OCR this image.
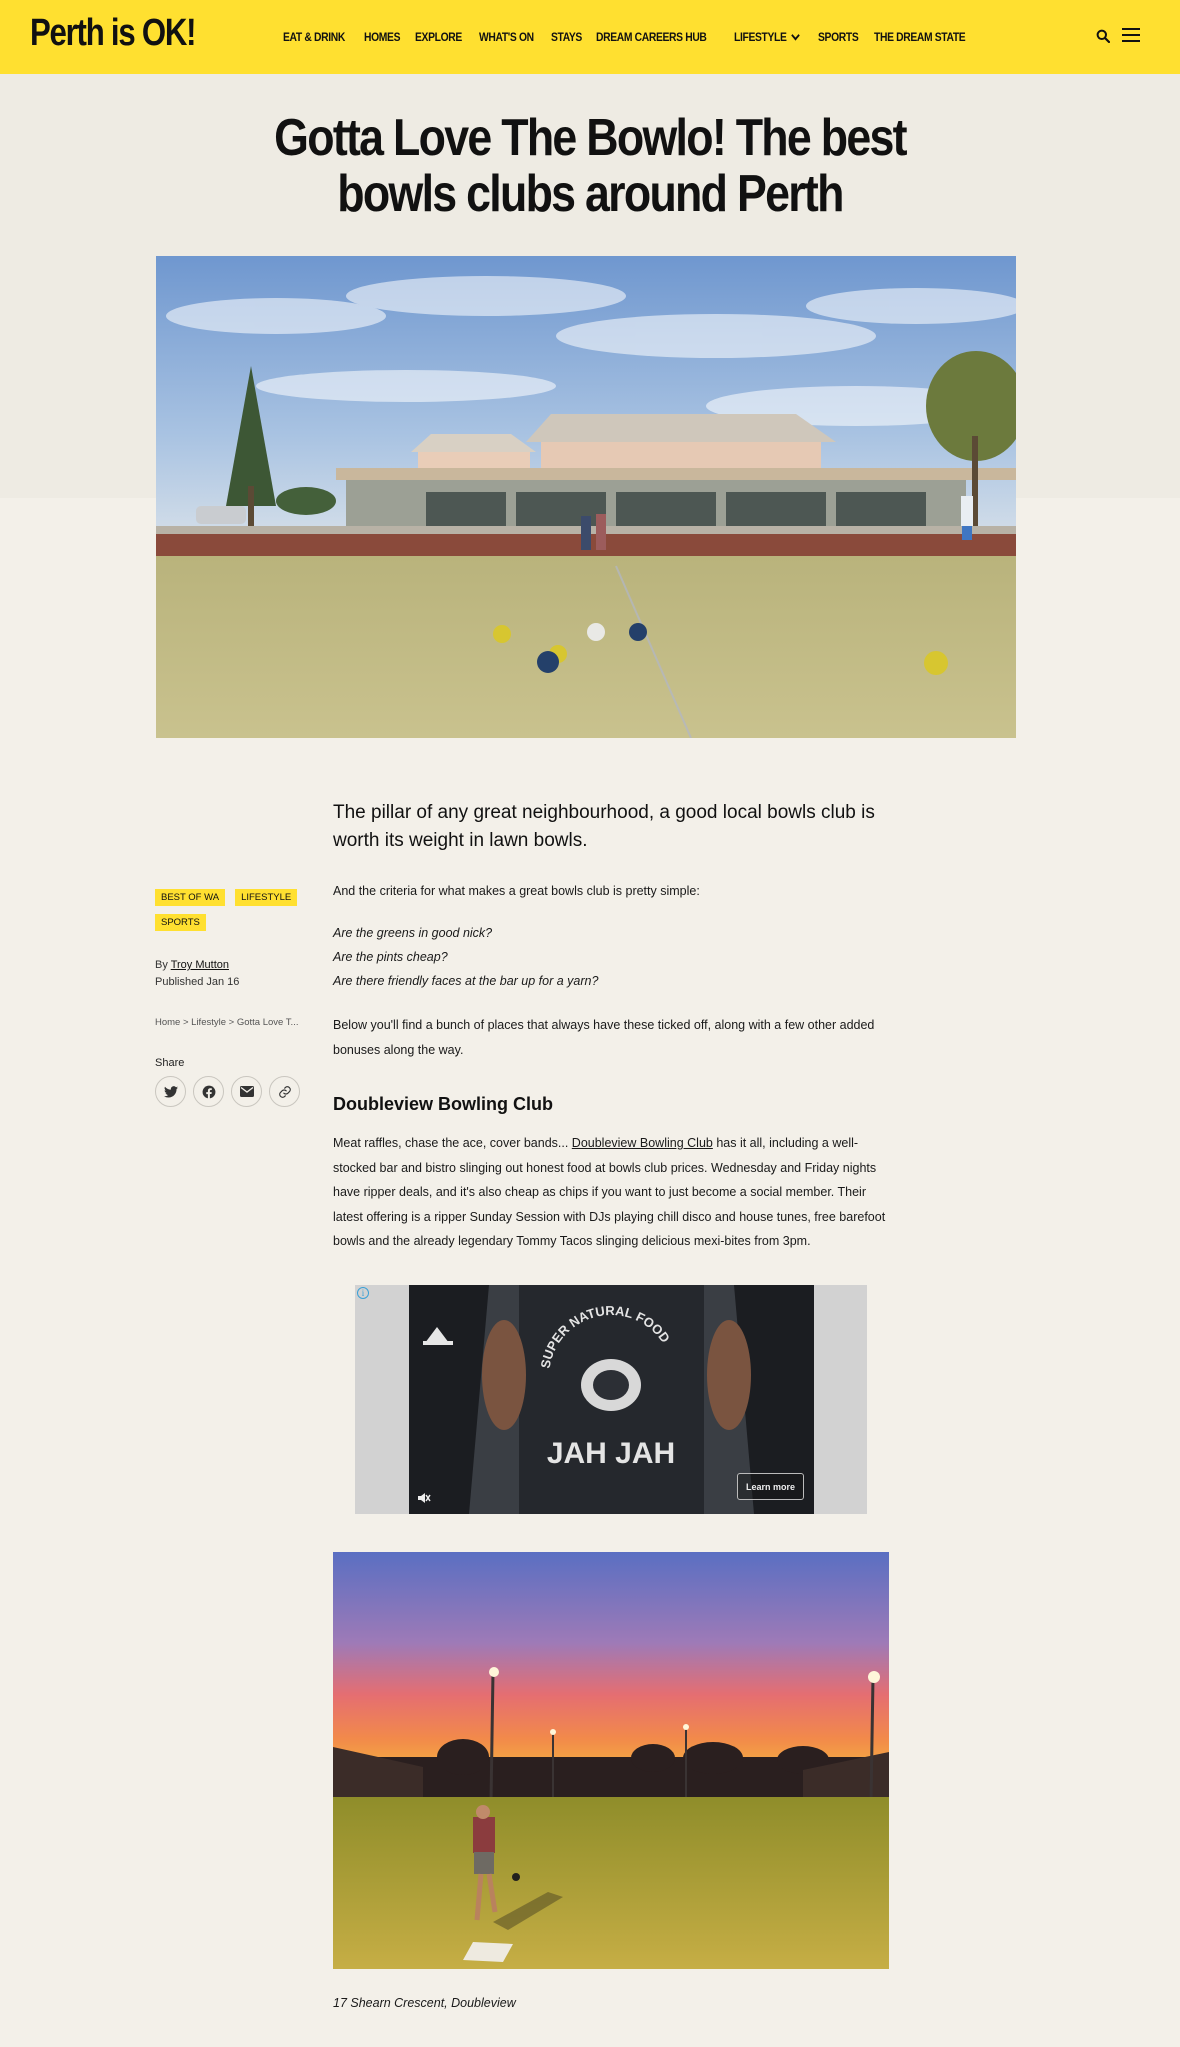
Perth is OK!	EAT & DRINK HOMES EXPLORE WHAT'S ON STAYS DREAM CAREERS HUB LIFESTYLE	SPORTS THE DREAM STATE
Gotta Love The Bowlo! The best bowls clubs around Perth

The pillar of any great neighbourhood, a good local bowls club is worth its weight in lawn bowls.

And the criteria for what makes a great bowls club is pretty simple:

Are the greens in good nick?

Are the pints cheap?

Are there friendly faces at the bar up for a yarn?

Below you'll find a bunch of places that always have these ticked off, along with a few other added bonuses along the way.

Doubleview Bowling Club

Meat raffles, chase the ace, cover bands... Doubleview Bowling Club has it all, including a well-stocked bar and bistro slinging out honest food at bowls club prices. Wednesday and Friday nights have ripper deals, and it's also cheap as chips if you want to just become a social member. Their latest offering is a ripper Sunday Session with DJs playing chill disco and house tunes, free barefoot bowls and the already legendary Tommy Tacos slinging delicious mexi-bites from 3pm.

BEST OF WA	LIFESTYLE
SPORTS
By Troy Mutton
Published Jan 16
Home > Lifestyle > Gotta Love T...
Share
i
SUPER NATURAL FOOD
JAH JAH
Learn more

17 Shearn Crescent, Doubleview
